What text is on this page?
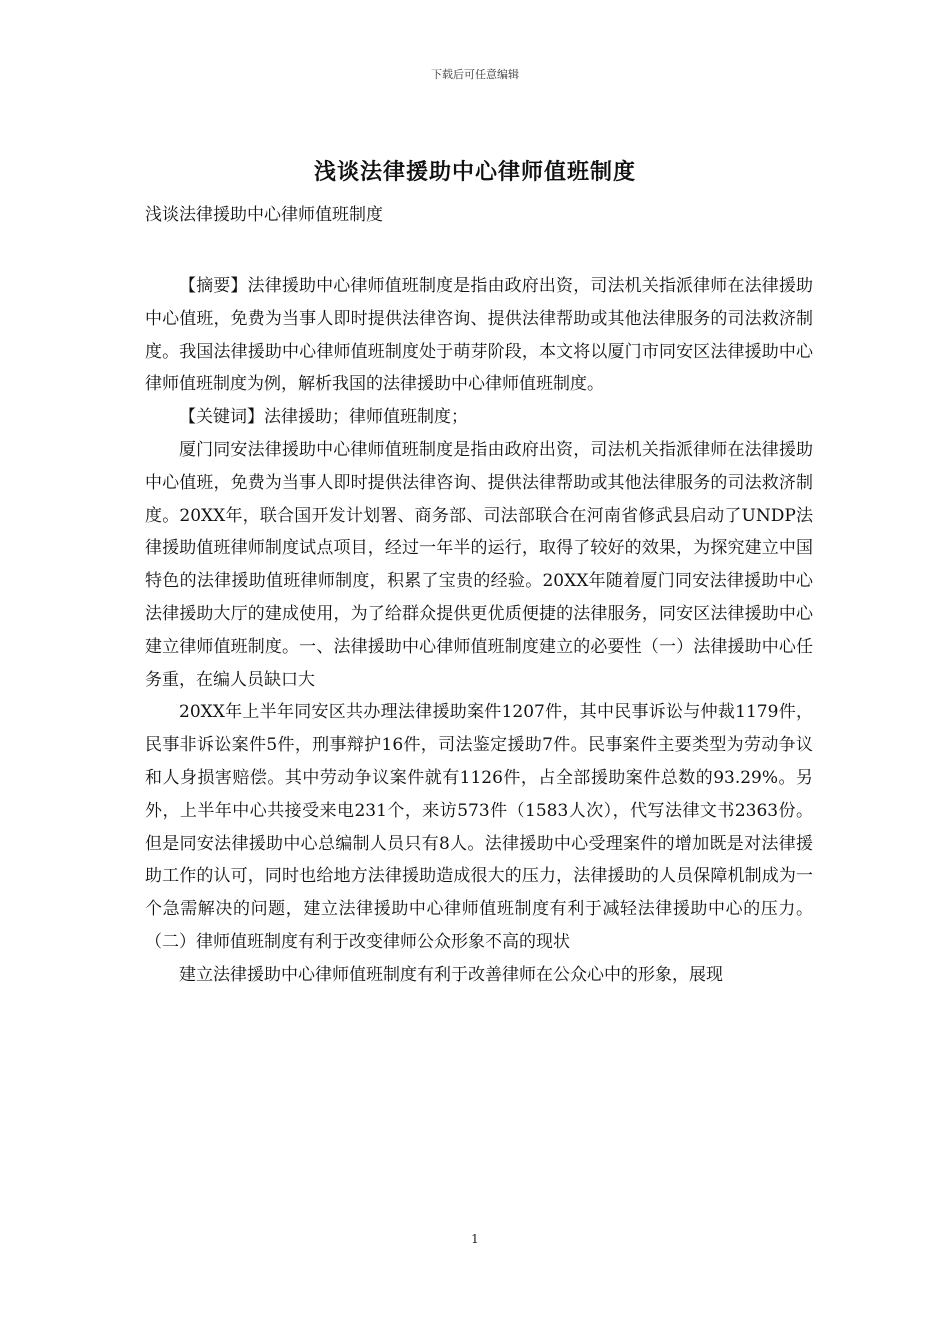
下载后可任意编辑
浅谈法律援助中心律师值班制度
浅谈法律援助中心律师值班制度

【摘要】法律援助中心律师值班制度是指由政府出资，司法机关指派律师在法律援助中心值班，免费为当事人即时提供法律咨询、提供法律帮助或其他法律服务的司法救济制度。我国法律援助中心律师值班制度处于萌芽阶段，本文将以厦门市同安区法律援助中心律师值班制度为例，解析我国的法律援助中心律师值班制度。

【关键词】法律援助；律师值班制度；

厦门同安法律援助中心律师值班制度是指由政府出资，司法机关指派律师在法律援助中心值班，免费为当事人即时提供法律咨询、提供法律帮助或其他法律服务的司法救济制度。20XX年，联合国开发计划署、商务部、司法部联合在河南省修武县启动了UNDP法律援助值班律师制度试点项目，经过一年半的运行，取得了较好的效果，为探究建立中国特色的法律援助值班律师制度，积累了宝贵的经验。20XX年随着厦门同安法律援助中心法律援助大厅的建成使用，为了给群众提供更优质便捷的法律服务，同安区法律援助中心建立律师值班制度。一、法律援助中心律师值班制度建立的必要性（一）法律援助中心任务重，在编人员缺口大

20XX年上半年同安区共办理法律援助案件1207件，其中民事诉讼与仲裁1179件，民事非诉讼案件5件，刑事辩护16件，司法鉴定援助7件。民事案件主要类型为劳动争议和人身损害赔偿。其中劳动争议案件就有1126件，占全部援助案件总数的93.29%。另外，上半年中心共接受来电231个，来访573件（1583人次），代写法律文书2363份。但是同安法律援助中心总编制人员只有8人。法律援助中心受理案件的增加既是对法律援助工作的认可，同时也给地方法律援助造成很大的压力，法律援助的人员保障机制成为一个急需解决的问题，建立法律援助中心律师值班制度有利于减轻法律援助中心的压力。（二）律师值班制度有利于改变律师公众形象不高的现状

建立法律援助中心律师值班制度有利于改善律师在公众心中的形象，展现

1
